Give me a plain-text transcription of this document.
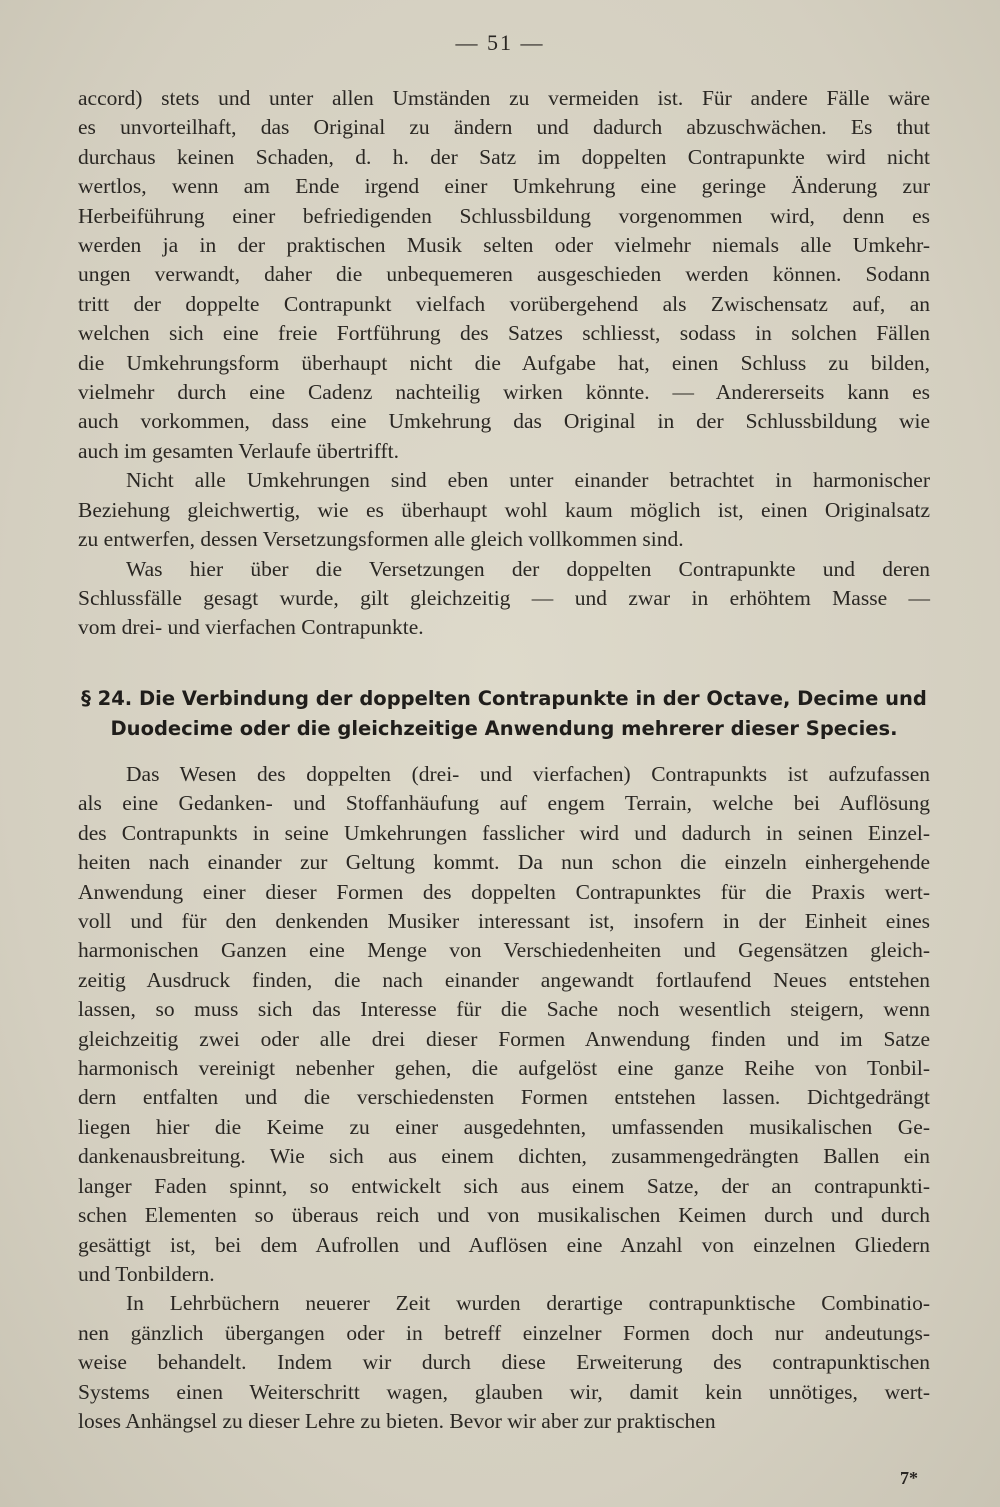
— 51 —

accord) stets und unter allen Umständen zu vermeiden ist. Für andere Fälle wäre
es unvorteilhaft, das Original zu ändern und dadurch abzuschwächen. Es thut
durchaus keinen Schaden, d. h. der Satz im doppelten Contrapunkte wird nicht
wertlos, wenn am Ende irgend einer Umkehrung eine geringe Änderung zur
Herbeiführung einer befriedigenden Schlussbildung vorgenommen wird, denn es
werden ja in der praktischen Musik selten oder vielmehr niemals alle Umkehr-
ungen verwandt, daher die unbequemeren ausgeschieden werden können. Sodann
tritt der doppelte Contrapunkt vielfach vorübergehend als Zwischensatz auf, an
welchen sich eine freie Fortführung des Satzes schliesst, sodass in solchen Fällen
die Umkehrungsform überhaupt nicht die Aufgabe hat, einen Schluss zu bilden,
vielmehr durch eine Cadenz nachteilig wirken könnte. — Andererseits kann es
auch vorkommen, dass eine Umkehrung das Original in der Schlussbildung wie
auch im gesamten Verlaufe übertrifft.

Nicht alle Umkehrungen sind eben unter einander betrachtet in harmonischer
Beziehung gleichwertig, wie es überhaupt wohl kaum möglich ist, einen Originalsatz
zu entwerfen, dessen Versetzungsformen alle gleich vollkommen sind.

Was hier über die Versetzungen der doppelten Contrapunkte und deren
Schlussfälle gesagt wurde, gilt gleichzeitig — und zwar in erhöhtem Masse —
vom drei- und vierfachen Contrapunkte.

§ 24. Die Verbindung der doppelten Contrapunkte in der Octave, Decime und
Duodecime oder die gleichzeitige Anwendung mehrerer dieser Species.

Das Wesen des doppelten (drei- und vierfachen) Contrapunkts ist aufzufassen
als eine Gedanken- und Stoffanhäufung auf engem Terrain, welche bei Auflösung
des Contrapunkts in seine Umkehrungen fasslicher wird und dadurch in seinen Einzel-
heiten nach einander zur Geltung kommt. Da nun schon die einzeln einhergehende
Anwendung einer dieser Formen des doppelten Contrapunktes für die Praxis wert-
voll und für den denkenden Musiker interessant ist, insofern in der Einheit eines
harmonischen Ganzen eine Menge von Verschiedenheiten und Gegensätzen gleich-
zeitig Ausdruck finden, die nach einander angewandt fortlaufend Neues entstehen
lassen, so muss sich das Interesse für die Sache noch wesentlich steigern, wenn
gleichzeitig zwei oder alle drei dieser Formen Anwendung finden und im Satze
harmonisch vereinigt nebenher gehen, die aufgelöst eine ganze Reihe von Tonbil-
dern entfalten und die verschiedensten Formen entstehen lassen. Dichtgedrängt
liegen hier die Keime zu einer ausgedehnten, umfassenden musikalischen Ge-
dankenausbreitung. Wie sich aus einem dichten, zusammengedrängten Ballen ein
langer Faden spinnt, so entwickelt sich aus einem Satze, der an contrapunkti-
schen Elementen so überaus reich und von musikalischen Keimen durch und durch
gesättigt ist, bei dem Aufrollen und Auflösen eine Anzahl von einzelnen Gliedern
und Tonbildern.

In Lehrbüchern neuerer Zeit wurden derartige contrapunktische Combinatio-
nen gänzlich übergangen oder in betreff einzelner Formen doch nur andeutungs-
weise behandelt. Indem wir durch diese Erweiterung des contrapunktischen
Systems einen Weiterschritt wagen, glauben wir, damit kein unnötiges, wert-
loses Anhängsel zu dieser Lehre zu bieten. Bevor wir aber zur praktischen

7*
